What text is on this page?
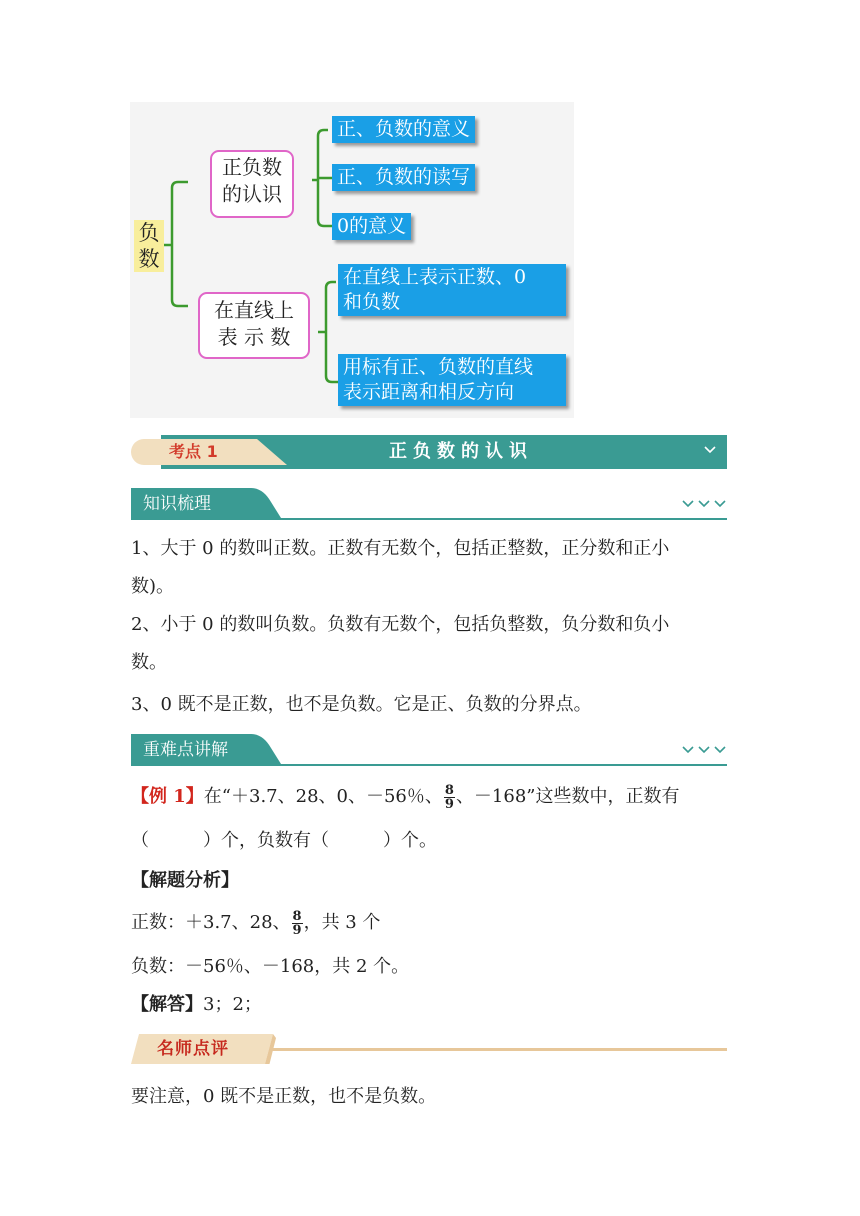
负数
正负数
的认识
正、负数的意义
正、负数的读写
0的意义
在直线上
表 示 数
在直线上表示正数、0
和负数
用标有正、负数的直线
表示距离和相反方向
考点 1	正负数的认识
知识梳理
1、大于 0 的数叫正数。正数有无数个，包括正整数，正分数和正小
数)。
2、小于 0 的数叫负数。负数有无数个，包括负整数，负分数和负小
数。
3、0 既不是正数，也不是负数。它是正、负数的分界点。
重难点讲解
【例 1】在“＋3.7、28、0、－56％、 $\frac{8}{9}$ 、－168”这些数中，正数有
（　　　）个，负数有（　　　）个。
【解题分析】
正数：＋3.7、28、 $\frac{8}{9}$ ，共 3 个
负数：－56％、－168，共 2 个。
【解答】3；2；
名师点评
要注意，0 既不是正数，也不是负数。
